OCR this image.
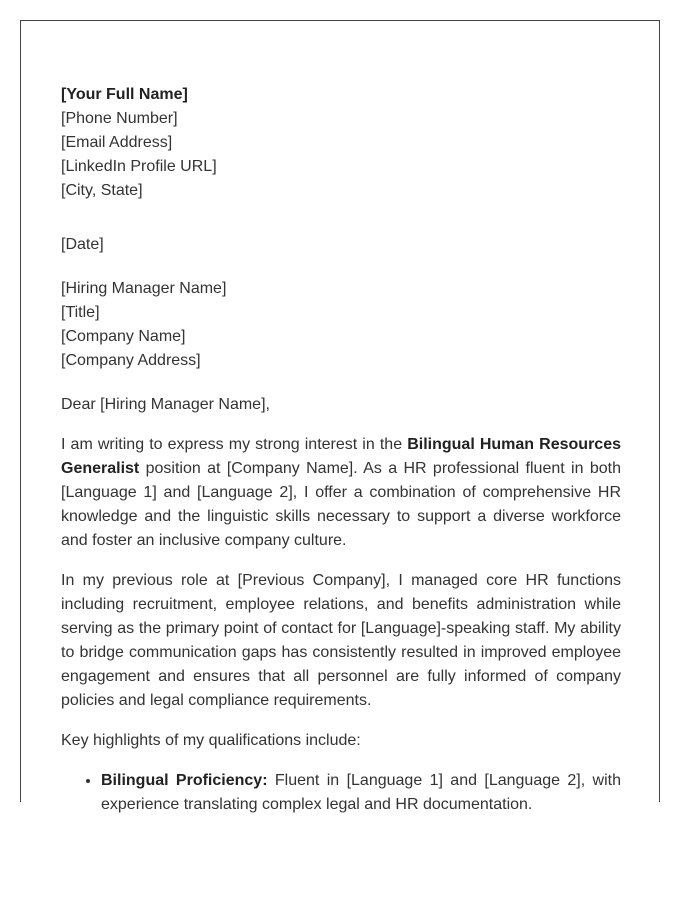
[Your Full Name]
[Phone Number]
[Email Address]
[LinkedIn Profile URL]
[City, State]
[Date]
[Hiring Manager Name]
[Title]
[Company Name]
[Company Address]
Dear [Hiring Manager Name],

I am writing to express my strong interest in the Bilingual Human Resources Generalist position at [Company Name]. As a HR professional fluent in both [Language 1] and [Language 2], I offer a combination of comprehensive HR knowledge and the linguistic skills necessary to support a diverse workforce and foster an inclusive company culture.

In my previous role at [Previous Company], I managed core HR functions including recruitment, employee relations, and benefits administration while serving as the primary point of contact for [Language]-speaking staff. My ability to bridge communication gaps has consistently resulted in improved employee engagement and ensures that all personnel are fully informed of company policies and legal compliance requirements.

Key highlights of my qualifications include:

• Bilingual Proficiency: Fluent in [Language 1] and [Language 2], with experience translating complex legal and HR documentation.
